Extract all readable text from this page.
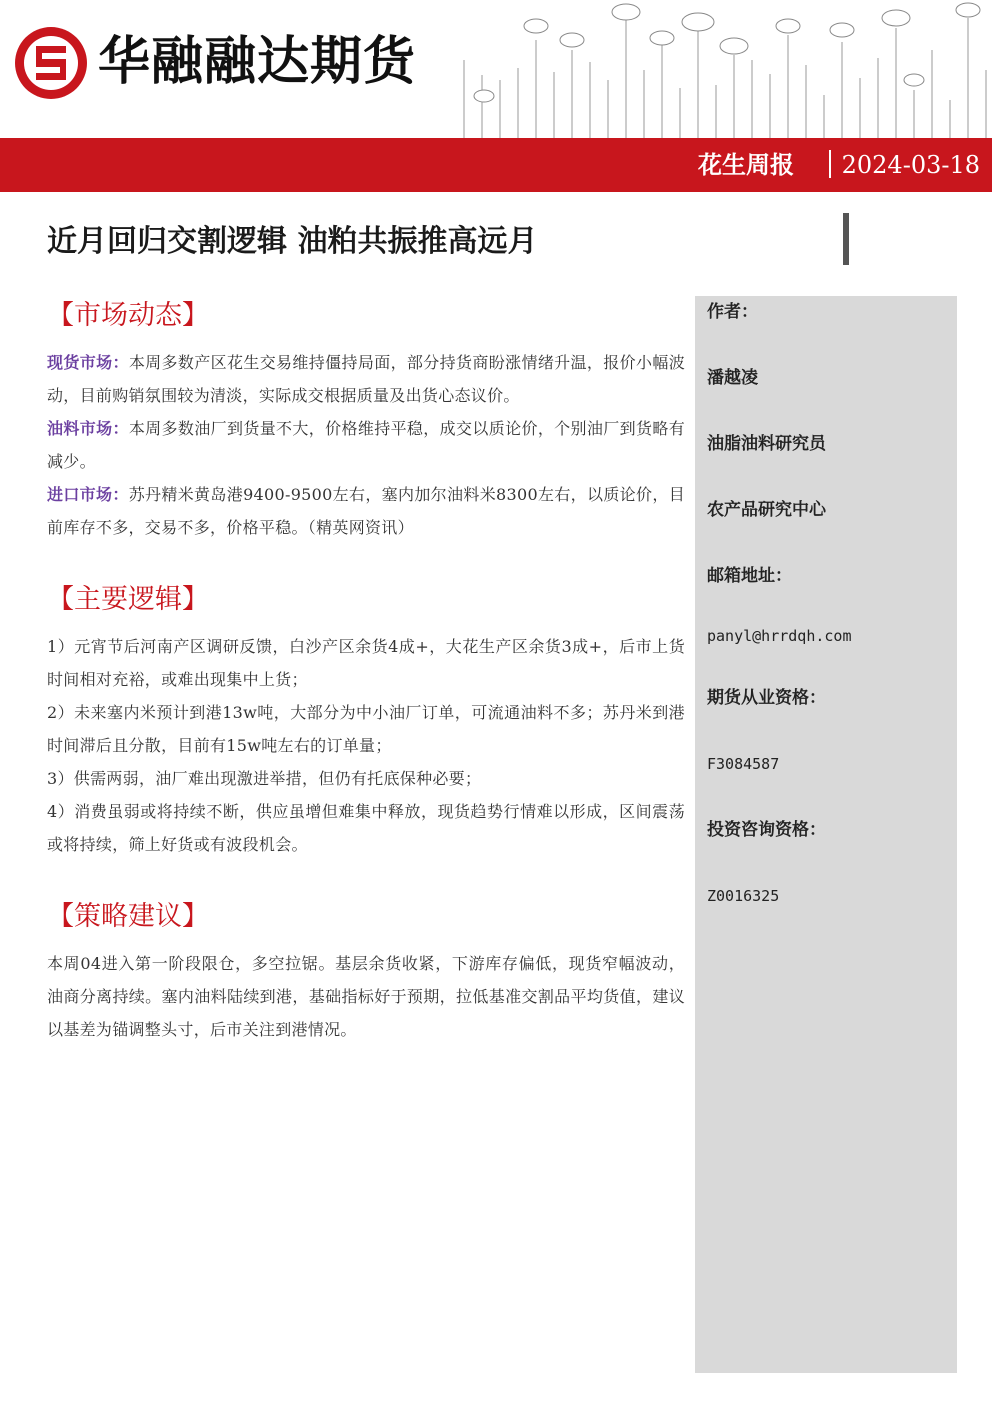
华融融达期货
花生周报 2024-03-18
近月回归交割逻辑 油粕共振推高远月
【市场动态】

现货市场：本周多数产区花生交易维持僵持局面，部分持货商盼涨情绪升温，报价小幅波动，目前购销氛围较为清淡，实际成交根据质量及出货心态议价。

油料市场：本周多数油厂到货量不大，价格维持平稳，成交以质论价，个别油厂到货略有减少。

进口市场：苏丹精米黄岛港9400-9500左右，塞内加尔油料米8300左右，以质论价，目前库存不多，交易不多，价格平稳。（精英网资讯）

【主要逻辑】

1）元宵节后河南产区调研反馈，白沙产区余货4成+，大花生产区余货3成+，后市上货时间相对充裕，或难出现集中上货；

2）未来塞内米预计到港13w吨，大部分为中小油厂订单，可流通油料不多；苏丹米到港时间滞后且分散，目前有15w吨左右的订单量；

3）供需两弱，油厂难出现激进举措，但仍有托底保种必要；

4）消费虽弱或将持续不断，供应虽增但难集中释放，现货趋势行情难以形成，区间震荡或将持续，筛上好货或有波段机会。

【策略建议】

本周04进入第一阶段限仓，多空拉锯。基层余货收紧，下游库存偏低，现货窄幅波动，油商分离持续。塞内油料陆续到港，基础指标好于预期，拉低基准交割品平均货值，建议以基差为锚调整头寸，后市关注到港情况。

作者：
潘越凌
油脂油料研究员
农产品研究中心
邮箱地址：
panyl@hrrdqh.com
期货从业资格：
F3084587
投资咨询资格：
Z0016325
